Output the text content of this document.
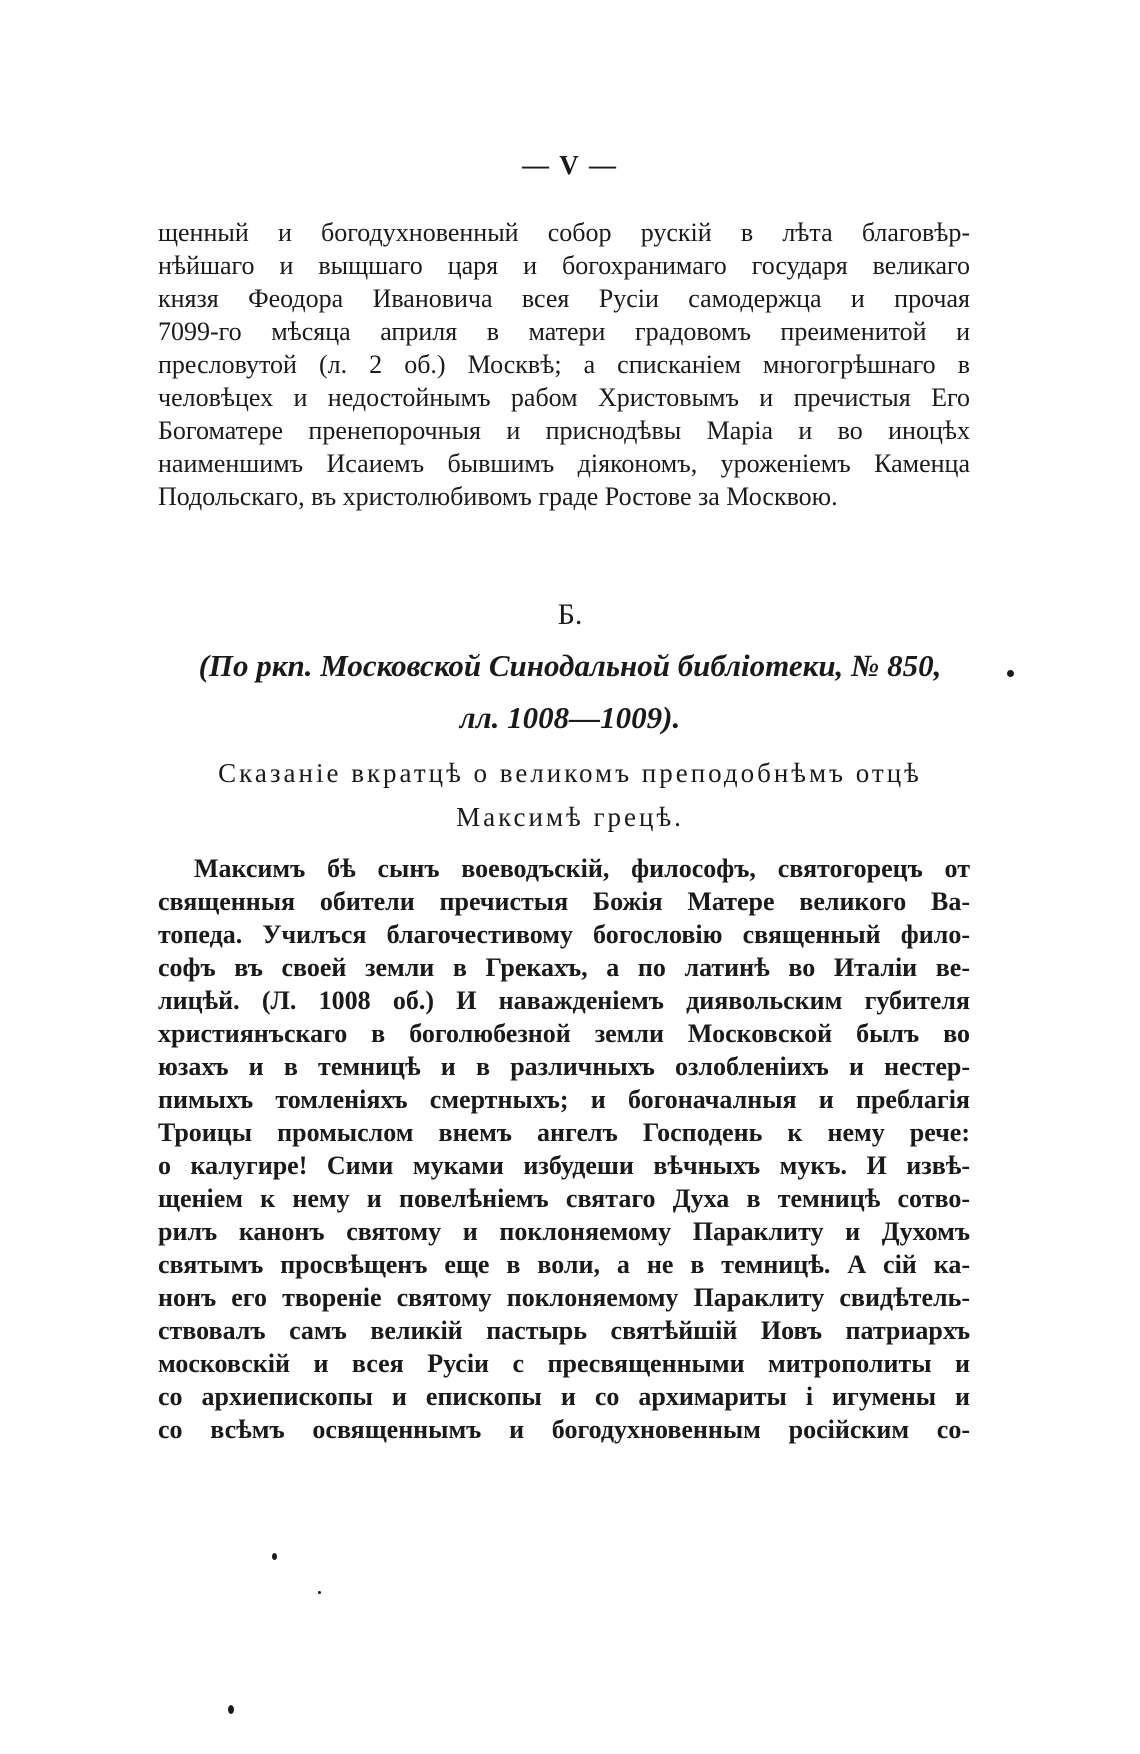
— V —
щенный и богодухновенный собор рускій в лѣта благовѣр-
нѣйшаго и выщшаго царя и богохранимаго государя великаго
князя Феодора Ивановича всея Русіи самодержца и прочая
7099-го мѣсяца априля в матери градовомъ преименитой и
пресловутой (л. 2 об.) Москвѣ; а списканіем многогрѣшнаго в
человѣцех и недостойнымъ рабом Христовымъ и пречистыя Его
Богоматере пренепорочныя и приснодѣвы Марiа и во иноцѣх
наименшимъ Исаиемъ бывшимъ дiякономъ, уроженiемъ Каменца
Подольскаго, въ христолюбивомъ граде Ростове за Москвою.
Б.
(По ркп. Московской Синодальной библіотеки, № 850,
лл. 1008—1009).
Сказанiе вкратцѣ о великомъ преподобнѣмъ отцѣ
Максимѣ грецѣ.
Максимъ бѣ сынъ воеводъскiй, философъ, святогорецъ от
священныя обители пречистыя Божiя Матере великого Ва-
топеда. Училъся благочестивому богословiю священный фило-
софъ въ своей земли в Грекахъ, а по латинѣ во Италiи ве-
лицѣй. (Л. 1008 об.) И наважденiемъ диявольским губителя
християнъскаго в боголюбезной земли Московской былъ во
юзахъ и в темницѣ и в различныхъ озлобленiихъ и нестер-
пимыхъ томленiяхъ смертныхъ; и богоначалныя и преблагiя
Троицы промыслом внемъ ангелъ Господень к нему рече:
о калугире! Сими муками избудеши вѣчныхъ мукъ. И извѣ-
щенiем к нему и повелѣнiемъ святаго Духа в темницѣ сотво-
рилъ канонъ святому и поклоняемому Параклиту и Духомъ
святымъ просвѣщенъ еще в воли, а не в темницѣ. А сiй ка-
нонъ его творенiе святому поклоняемому Параклиту свидѣтель-
ствовалъ самъ великiй пастырь святѣйшiй Иовъ патриархъ
московскiй и всея Русiи с пресвященными митрополиты и
со архиепископы и епископы и со архимариты i игумены и
со всѣмъ освященнымъ и богодухновенным росiйским со-
